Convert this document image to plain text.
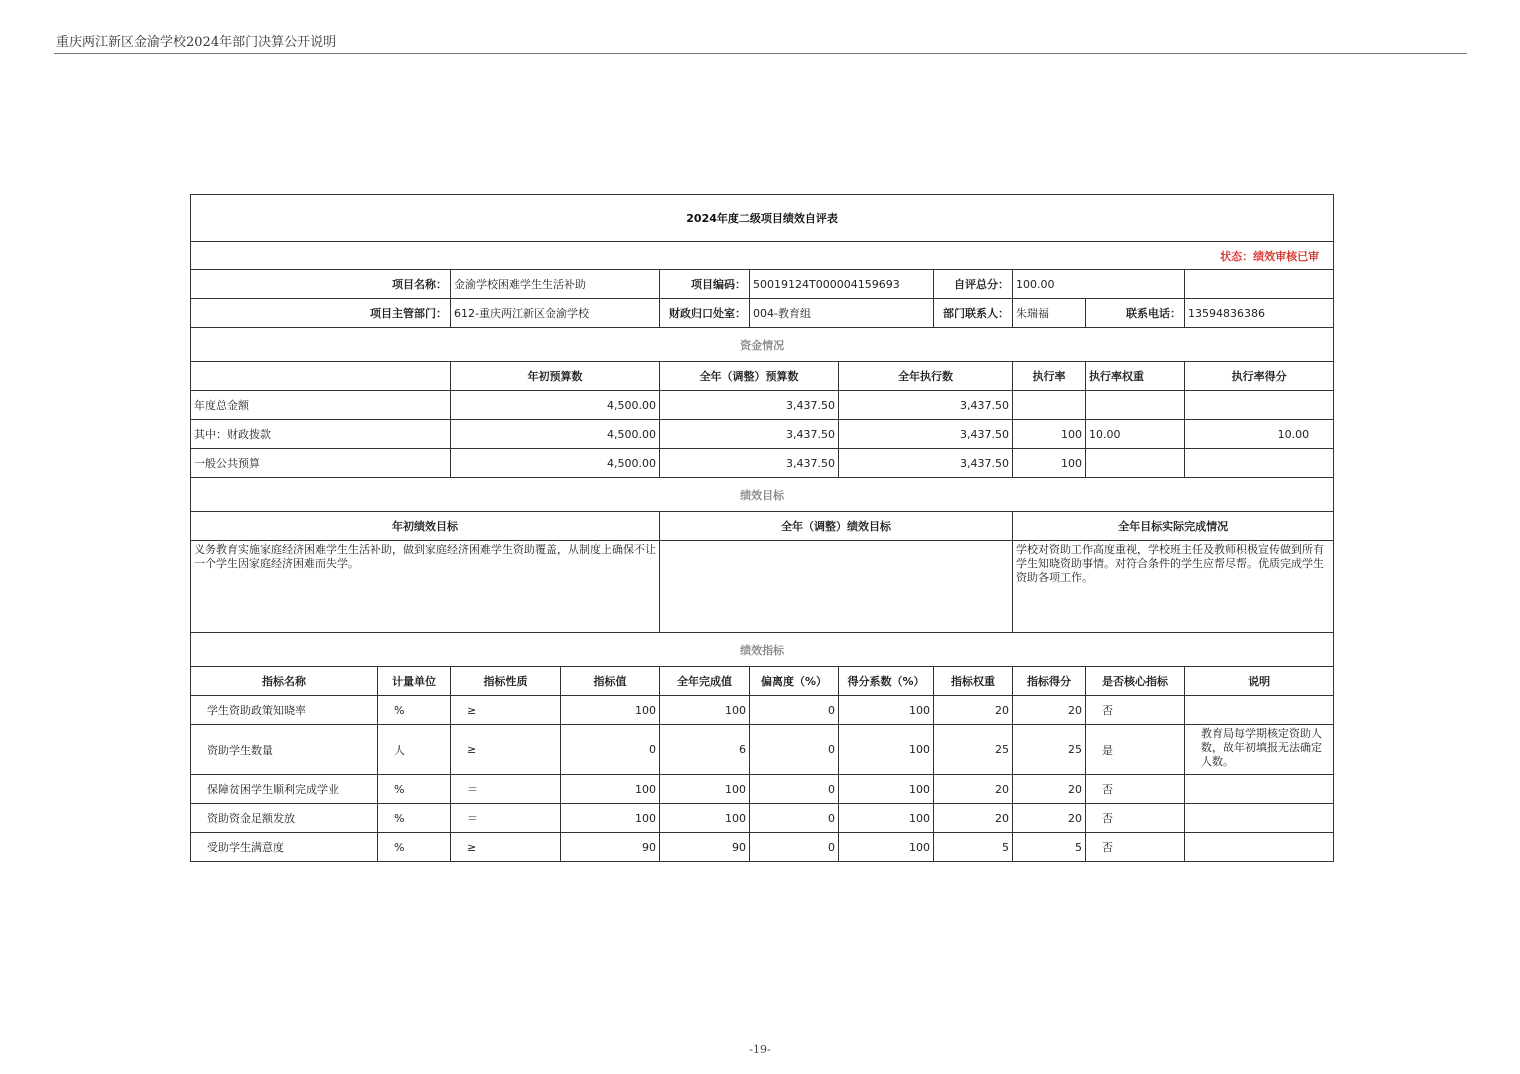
重庆两江新区金渝学校2024年部门决算公开说明
2024年度二级项目绩效自评表										
状态：绩效审核已审										
项目名称：		金渝学校困难学生生活补助		项目编码：	50019124T000004159693		自评总分：	100.00		
项目主管部门：		612-重庆两江新区金渝学校		财政归口处室：	004-教育组		部门联系人：	朱瑞福	联系电话：	13594836386
资金情况										
		年初预算数		全年（调整）预算数		全年执行数		执行率	执行率权重	执行率得分
年度总金额		4,500.00		3,437.50		3,437.50				
其中：财政拨款		4,500.00		3,437.50		3,437.50		100	10.00	10.00
一般公共预算		4,500.00		3,437.50		3,437.50		100		
绩效目标										
年初绩效目标				全年（调整）绩效目标				全年目标实际完成情况		
义务教育实施家庭经济困难学生生活补助，做到家庭经济困难学生资助覆盖，从制度上确保不让一个学生因家庭经济困难而失学。								学校对资助工作高度重视，学校班主任及教师积极宣传做到所有学生知晓资助事情。对符合条件的学生应帮尽帮。优质完成学生资助各项工作。		
绩效指标										
指标名称	计量单位	指标性质	指标值	全年完成值	偏离度（%）	得分系数（%）	指标权重	指标得分	是否核心指标	说明
学生资助政策知晓率	%	≥	100	100	0	100	20	20	否	
资助学生数量	人	≥	0	6	0	100	25	25	是	教育局每学期核定资助人数，故年初填报无法确定人数。
保障贫困学生顺利完成学业	%	＝	100	100	0	100	20	20	否	
资助资金足额发放	%	＝	100	100	0	100	20	20	否	
受助学生满意度	%	≥	90	90	0	100	5	5	否	
-19-
